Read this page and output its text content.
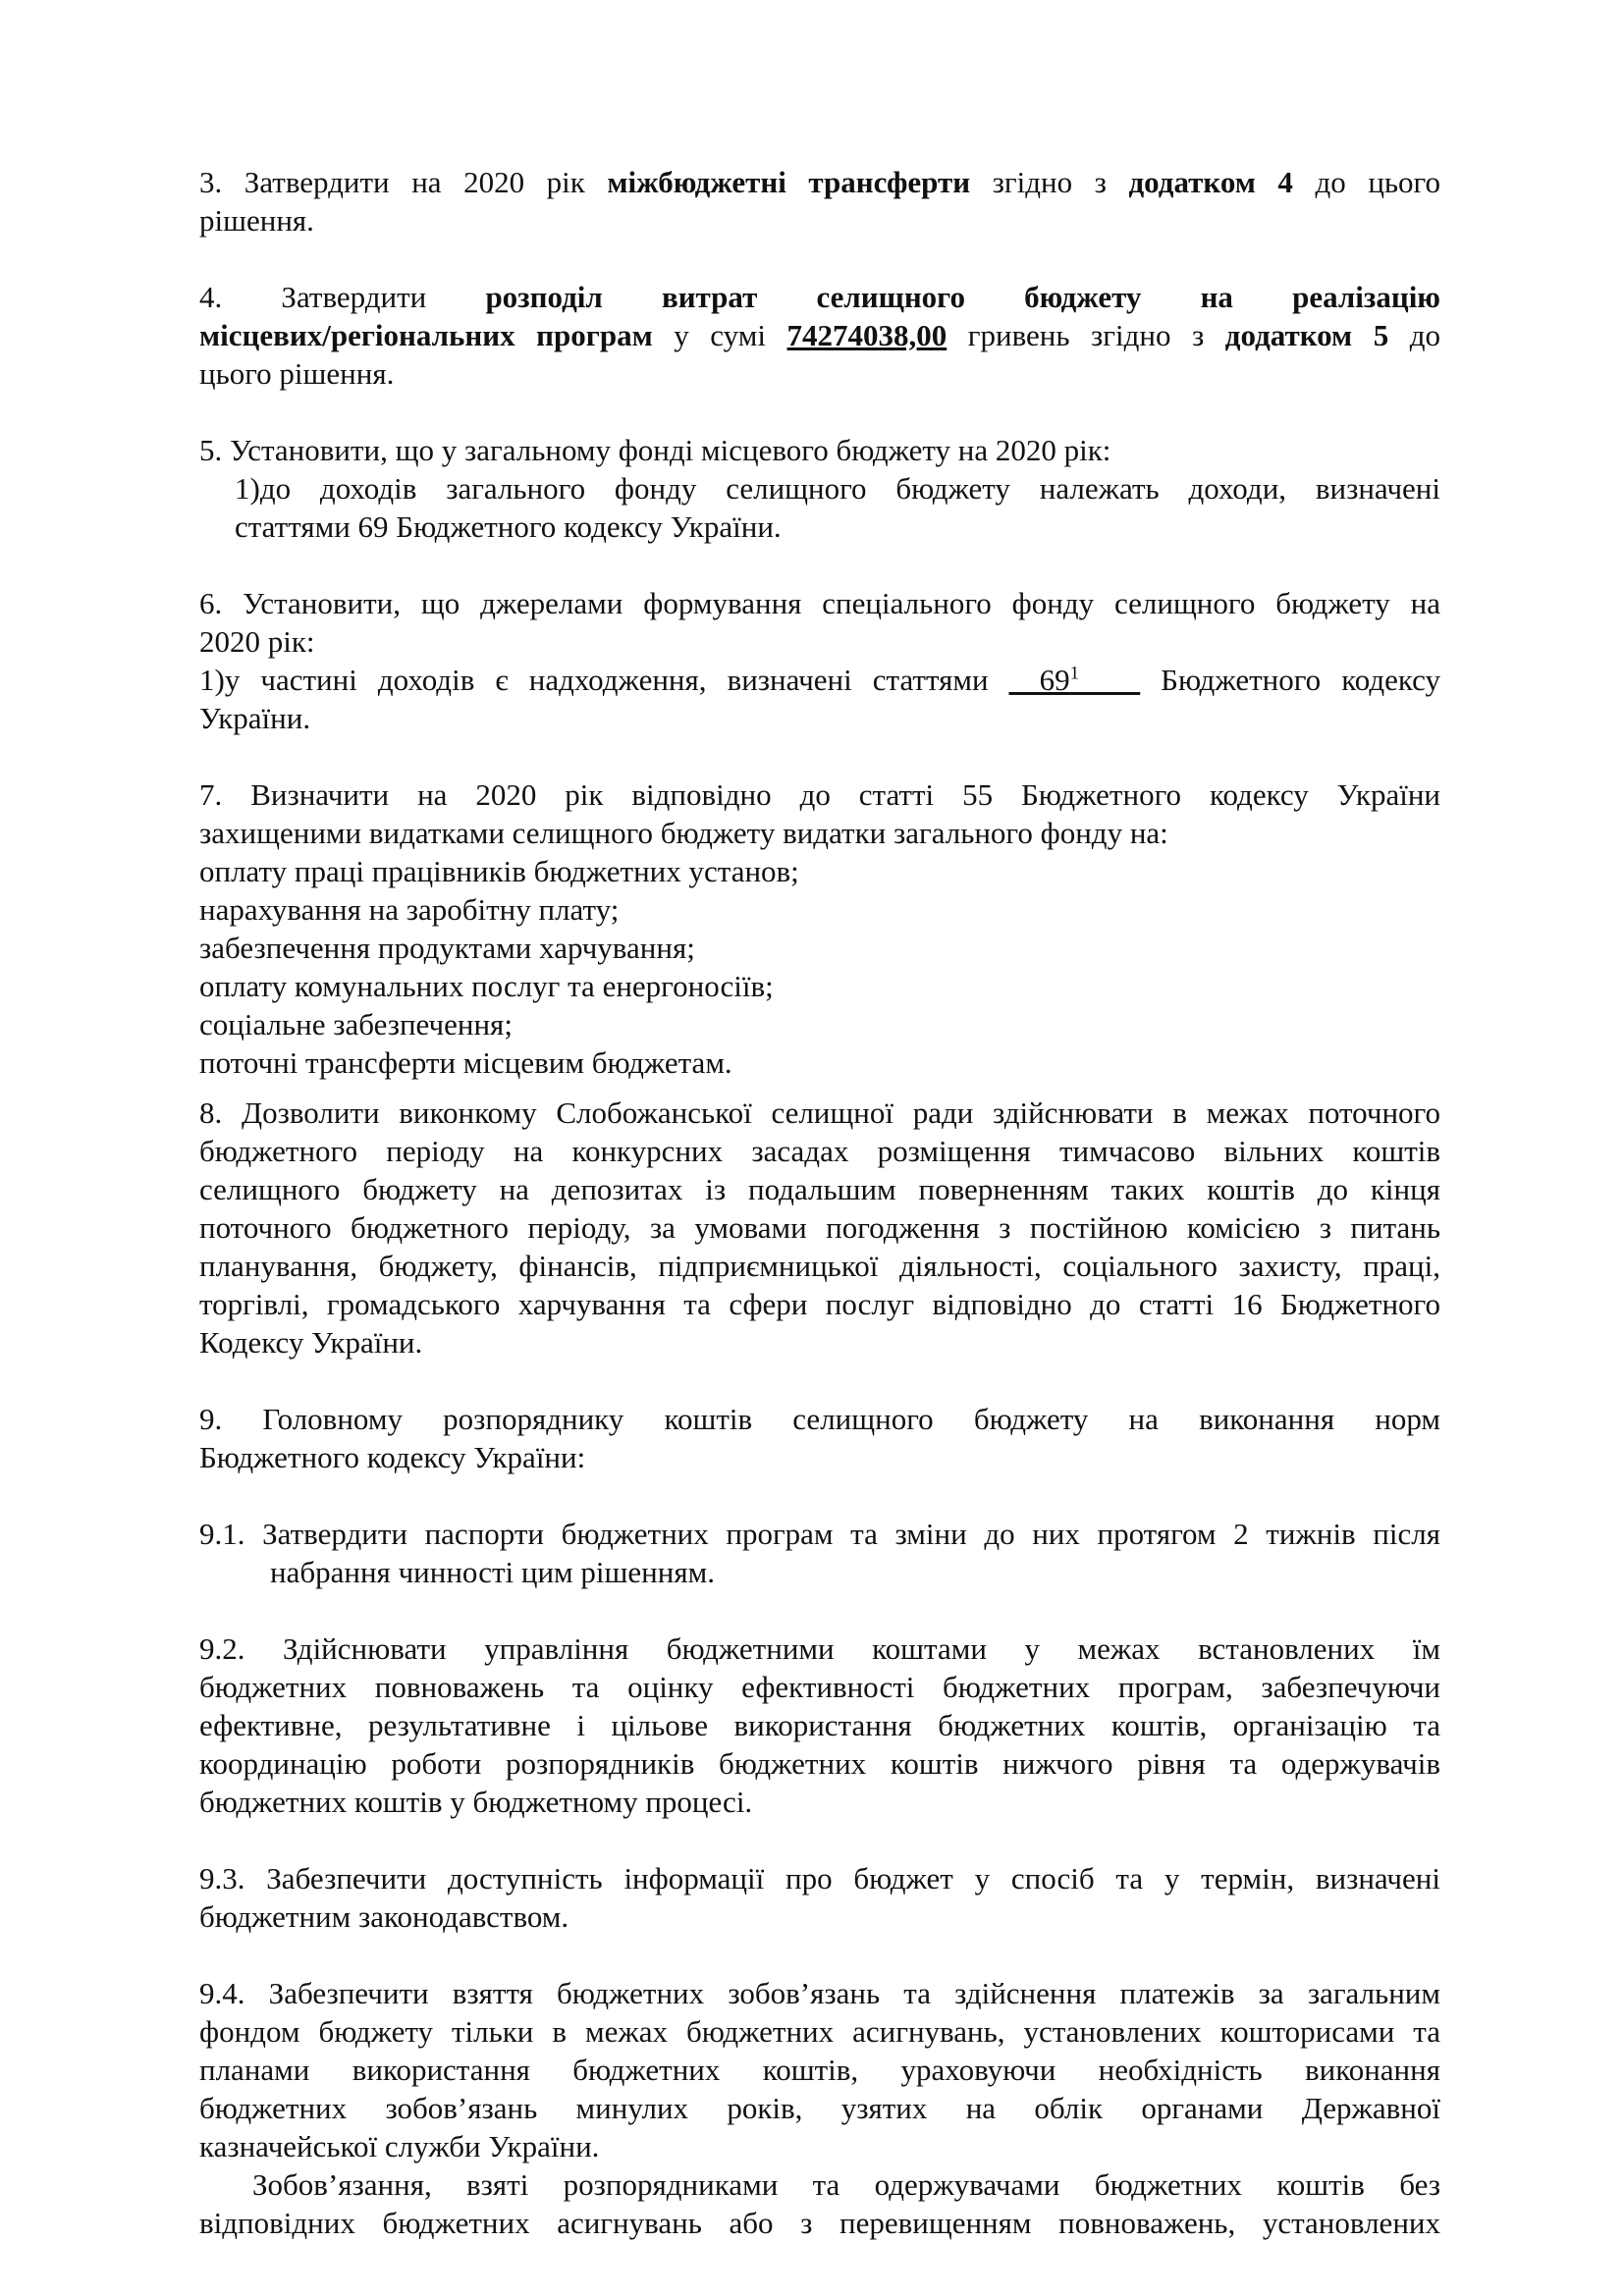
3. Затвердити на 2020 рік міжбюджетні трансферти згідно з додатком 4 до цього
рішення.
4. Затвердити розподіл витрат селищного бюджету на реалізацію
місцевих/регіональних програм у сумі 74274038,00 гривень згідно з додатком 5 до
цього рішення.
5. Установити, що у загальному фонді місцевого бюджету на 2020 рік:
1)до доходів загального фонду селищного бюджету належать доходи, визначені
статтями 69 Бюджетного кодексу України.
6. Установити, що джерелами формування спеціального фонду селищного бюджету на
2020 рік:
1)у частині доходів є надходження, визначені статтями $\_\_69^1\_\_\_\_$ Бюджетного кодексу
України.
7. Визначити на 2020 рік відповідно до статті 55 Бюджетного кодексу України
захищеними видатками селищного бюджету видатки загального фонду на:
оплату праці працівників бюджетних установ;
нарахування на заробітну плату;
забезпечення продуктами харчування;
оплату комунальних послуг та енергоносіїв;
соціальне забезпечення;
поточні трансферти місцевим бюджетам.
8. Дозволити виконкому Слобожанської селищної ради здійснювати в межах поточного
бюджетного періоду на конкурсних засадах розміщення тимчасово вільних коштів
селищного бюджету на депозитах із подальшим поверненням таких коштів до кінця
поточного бюджетного періоду, за умовами погодження з постійною комісією з питань
планування, бюджету, фінансів, підприємницької діяльності, соціального захисту, праці,
торгівлі, громадського харчування та сфери послуг відповідно до статті 16 Бюджетного
Кодексу України.
9. Головному розпоряднику коштів селищного бюджету на виконання норм
Бюджетного кодексу України:
9.1. Затвердити паспорти бюджетних програм та зміни до них протягом 2 тижнів після
набрання чинності цим рішенням.
9.2. Здійснювати управління бюджетними коштами у межах встановлених їм
бюджетних повноважень та оцінку ефективності бюджетних програм, забезпечуючи
ефективне, результативне і цільове використання бюджетних коштів, організацію та
координацію роботи розпорядників бюджетних коштів нижчого рівня та одержувачів
бюджетних коштів у бюджетному процесі.
9.3. Забезпечити доступність інформації про бюджет у спосіб та у термін, визначені
бюджетним законодавством.
9.4. Забезпечити взяття бюджетних зобов’язань та здійснення платежів за загальним
фондом бюджету тільки в межах бюджетних асигнувань, установлених кошторисами та
планами використання бюджетних коштів, ураховуючи необхідність виконання
бюджетних зобов’язань минулих років, узятих на облік органами Державної
казначейської служби України.
Зобов’язання, взяті розпорядниками та одержувачами бюджетних коштів без
відповідних бюджетних асигнувань або з перевищенням повноважень, установлених
